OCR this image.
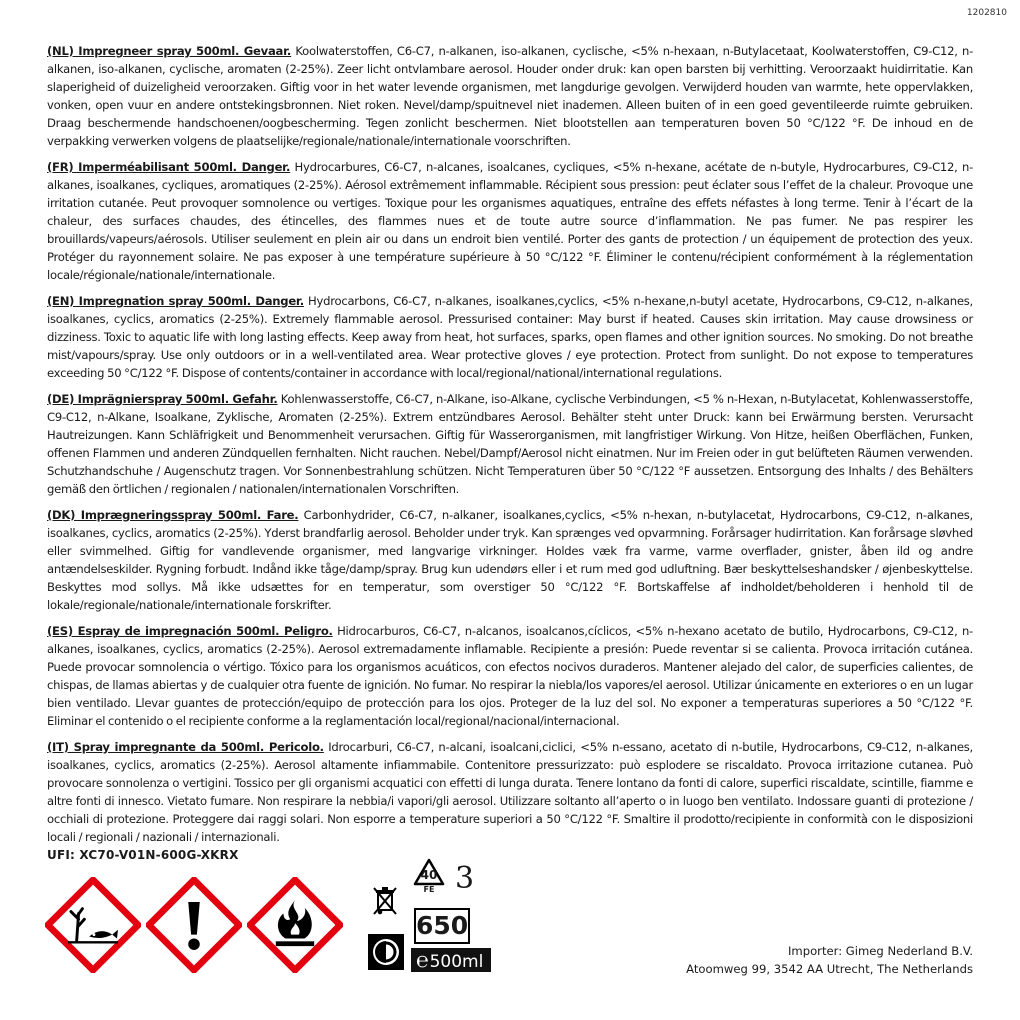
1202810

(NL) Impregneer spray 500ml. Gevaar. Koolwaterstoffen, C6-C7, n-alkanen, iso-alkanen, cyclische, <5% n-hexaan, n-Butylacetaat, Koolwaterstoffen, C9-C12, n-alkanen, iso-alkanen, cyclische, aromaten (2-25%). Zeer licht ontvlambare aerosol. Houder onder druk: kan open barsten bij verhitting. Veroorzaakt huidirritatie. Kan slaperigheid of duizeligheid veroorzaken. Giftig voor in het water levende organismen, met langdurige gevolgen. Verwijderd houden van warmte, hete oppervlakken, vonken, open vuur en andere ontstekingsbronnen. Niet roken. Nevel/damp/spuitnevel niet inademen. Alleen buiten of in een goed geventileerde ruimte gebruiken. Draag beschermende handschoenen/oogbescherming. Tegen zonlicht beschermen. Niet blootstellen aan temperaturen boven 50 °C/122 °F. De inhoud en de verpakking verwerken volgens de plaatselijke/regionale/nationale/internationale voorschriften.

(FR) Imperméabilisant 500ml. Danger. Hydrocarbures, C6-C7, n-alcanes, isoalcanes, cycliques, <5% n-hexane, acétate de n-butyle, Hydrocarbures, C9-C12, n-alkanes, isoalkanes, cycliques, aromatiques (2-25%). Aérosol extrêmement inflammable. Récipient sous pression: peut éclater sous l’effet de la chaleur. Provoque une irritation cutanée. Peut provoquer somnolence ou vertiges. Toxique pour les organismes aquatiques, entraîne des effets néfastes à long terme. Tenir à l’écart de la chaleur, des surfaces chaudes, des étincelles, des flammes nues et de toute autre source d’inflammation. Ne pas fumer. Ne pas respirer les brouillards/vapeurs/aérosols. Utiliser seulement en plein air ou dans un endroit bien ventilé. Porter des gants de protection / un équipement de protection des yeux. Protéger du rayonnement solaire. Ne pas exposer à une température supérieure à 50 °C/122 °F. Éliminer le contenu/récipient conformément à la réglementation locale/régionale/nationale/internationale.

(EN) Impregnation spray 500ml. Danger. Hydrocarbons, C6-C7, n-alkanes, isoalkanes,cyclics, <5% n-hexane,n-butyl acetate, Hydrocarbons, C9-C12, n-alkanes, isoalkanes, cyclics, aromatics (2-25%). Extremely flammable aerosol. Pressurised container: May burst if heated. Causes skin irritation. May cause drowsiness or dizziness. Toxic to aquatic life with long lasting effects. Keep away from heat, hot surfaces, sparks, open flames and other ignition sources. No smoking. Do not breathe mist/vapours/spray. Use only outdoors or in a well-ventilated area. Wear protective gloves / eye protection. Protect from sunlight. Do not expose to temperatures exceeding 50 °C/122 °F. Dispose of contents/container in accordance with local/regional/national/international regulations.

(DE) Imprägnierspray 500ml. Gefahr. Kohlenwasserstoffe, C6-C7, n-Alkane, iso-Alkane, cyclische Verbindungen, <5 % n-Hexan, n-Butylacetat, Kohlenwasserstoffe, C9-C12, n-Alkane, Isoalkane, Zyklische, Aromaten (2-25%). Extrem entzündbares Aerosol. Behälter steht unter Druck: kann bei Erwärmung bersten. Verursacht Hautreizungen. Kann Schläfrigkeit und Benommenheit verursachen. Giftig für Wasserorganismen, mit langfristiger Wirkung. Von Hitze, heißen Oberflächen, Funken, offenen Flammen und anderen Zündquellen fernhalten. Nicht rauchen. Nebel/Dampf/Aerosol nicht einatmen. Nur im Freien oder in gut belüfteten Räumen verwenden. Schutzhandschuhe / Augenschutz tragen. Vor Sonnenbestrahlung schützen. Nicht Temperaturen über 50 °C/122 °F aussetzen. Entsorgung des Inhalts / des Behälters gemäß den örtlichen / regionalen / nationalen/internationalen Vorschriften.

(DK) Imprægneringsspray 500ml. Fare. Carbonhydrider, C6-C7, n-alkaner, isoalkanes,cyclics, <5% n-hexan, n-butylacetat, Hydrocarbons, C9-C12, n-alkanes, isoalkanes, cyclics, aromatics (2-25%). Yderst brandfarlig aerosol. Beholder under tryk. Kan sprænges ved opvarmning. Forårsager hudirritation. Kan forårsage sløvhed eller svimmelhed. Giftig for vandlevende organismer, med langvarige virkninger. Holdes væk fra varme, varme overflader, gnister, åben ild og andre antændelseskilder. Rygning forbudt. Indånd ikke tåge/damp/spray. Brug kun udendørs eller i et rum med god udluftning. Bær beskyttelseshandsker / øjenbeskyttelse. Beskyttes mod sollys. Må ikke udsættes for en temperatur, som overstiger 50 °C/122 °F. Bortskaffelse af indholdet/beholderen i henhold til de lokale/regionale/nationale/internationale forskrifter.

(ES) Espray de impregnación 500ml. Peligro. Hidrocarburos, C6-C7, n-alcanos, isoalcanos,cíclicos, <5% n-hexano acetato de butilo, Hydrocarbons, C9-C12, n-alkanes, isoalkanes, cyclics, aromatics (2-25%). Aerosol extremadamente inflamable. Recipiente a presión: Puede reventar si se calienta. Provoca irritación cutánea. Puede provocar somnolencia o vértigo. Tóxico para los organismos acuáticos, con efectos nocivos duraderos. Mantener alejado del calor, de superficies calientes, de chispas, de llamas abiertas y de cualquier otra fuente de ignición. No fumar. No respirar la niebla/los vapores/el aerosol. Utilizar únicamente en exteriores o en un lugar bien ventilado. Llevar guantes de protección/equipo de protección para los ojos. Proteger de la luz del sol. No exponer a temperaturas superiores a 50 °C/122 °F. Eliminar el contenido o el recipiente conforme a la reglamentación local/regional/nacional/internacional.

(IT) Spray impregnante da 500ml. Pericolo. Idrocarburi, C6-C7, n-alcani, isoalcani,ciclici, <5% n-essano, acetato di n-butile, Hydrocarbons, C9-C12, n-alkanes, isoalkanes, cyclics, aromatics (2-25%). Aerosol altamente infiammabile. Contenitore pressurizzato: può esplodere se riscaldato. Provoca irritazione cutanea. Può provocare sonnolenza o vertigini. Tossico per gli organismi acquatici con effetti di lunga durata. Tenere lontano da fonti di calore, superfici riscaldate, scintille, fiamme e altre fonti di innesco. Vietato fumare. Non respirare la nebbia/i vapori/gli aerosol. Utilizzare soltanto all’aperto o in luogo ben ventilato. Indossare guanti di protezione / occhiali di protezione. Proteggere dai raggi solari. Non esporre a temperature superiori a 50 °C/122 °F. Smaltire il prodotto/recipiente in conformità con le disposizioni locali / regionali / nazionali / internazionali.

UFI: XC70-V01N-600G-XKRX
40
FE 3
650
℮500ml
Importer: Gimeg Nederland B.V.
Atoomweg 99, 3542 AA Utrecht, The Netherlands
